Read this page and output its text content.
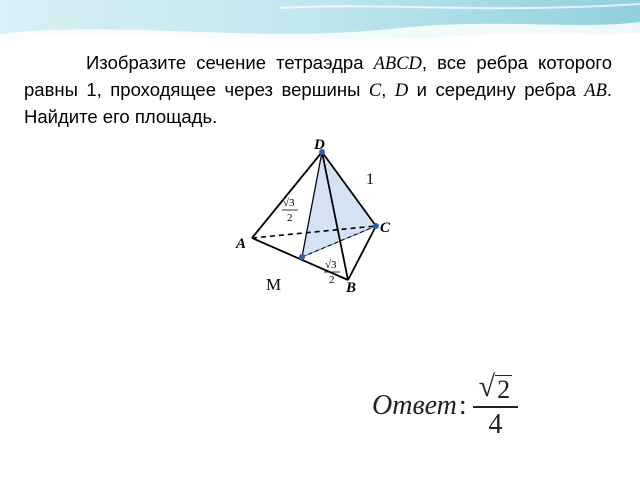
Изобразите сечение тетраэдра ABCD, все ребра которого равны 1, проходящее через вершины C, D и середину ребра AB. Найдите его площадь.
D
C
A
B
M
1
√3
2
√3
2
Ответ : $\frac{√ 2}{4}$
